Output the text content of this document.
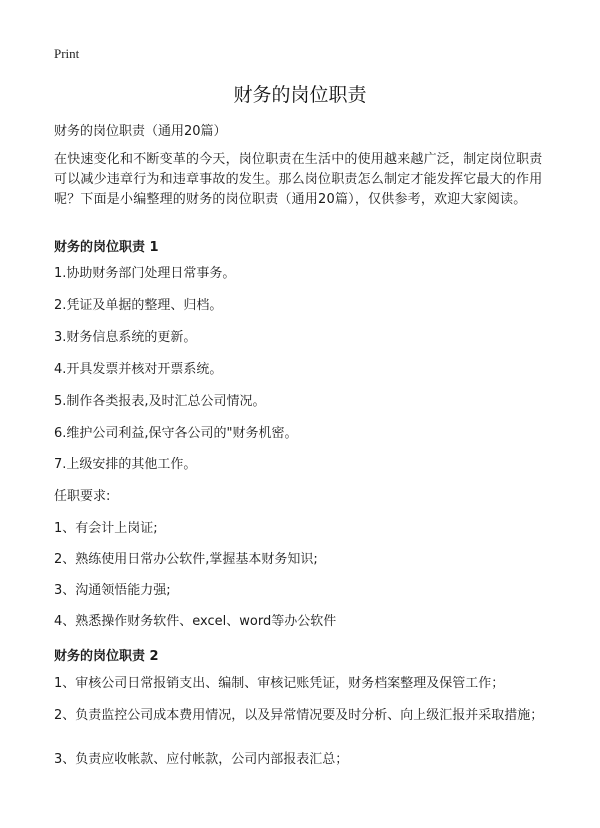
Print
财务的岗位职责

财务的岗位职责（通用20篇）

在快速变化和不断变革的今天，岗位职责在生活中的使用越来越广泛，制定岗位职责可以减少违章行为和违章事故的发生。那么岗位职责怎么制定才能发挥它最大的作用呢？下面是小编整理的财务的岗位职责（通用20篇），仅供参考，欢迎大家阅读。

财务的岗位职责 1

1.协助财务部门处理日常事务。

2.凭证及单据的整理、归档。

3.财务信息系统的更新。

4.开具发票并核对开票系统。

5.制作各类报表,及时汇总公司情况。

6.维护公司利益,保守各公司的"财务机密。

7.上级安排的其他工作。

任职要求:

1、有会计上岗证;

2、熟练使用日常办公软件,掌握基本财务知识;

3、沟通领悟能力强;

4、熟悉操作财务软件、excel、word等办公软件

财务的岗位职责 2

1、审核公司日常报销支出、编制、审核记账凭证，财务档案整理及保管工作；

2、负责监控公司成本费用情况，以及异常情况要及时分析、向上级汇报并采取措施；

3、负责应收帐款、应付帐款，公司内部报表汇总；
